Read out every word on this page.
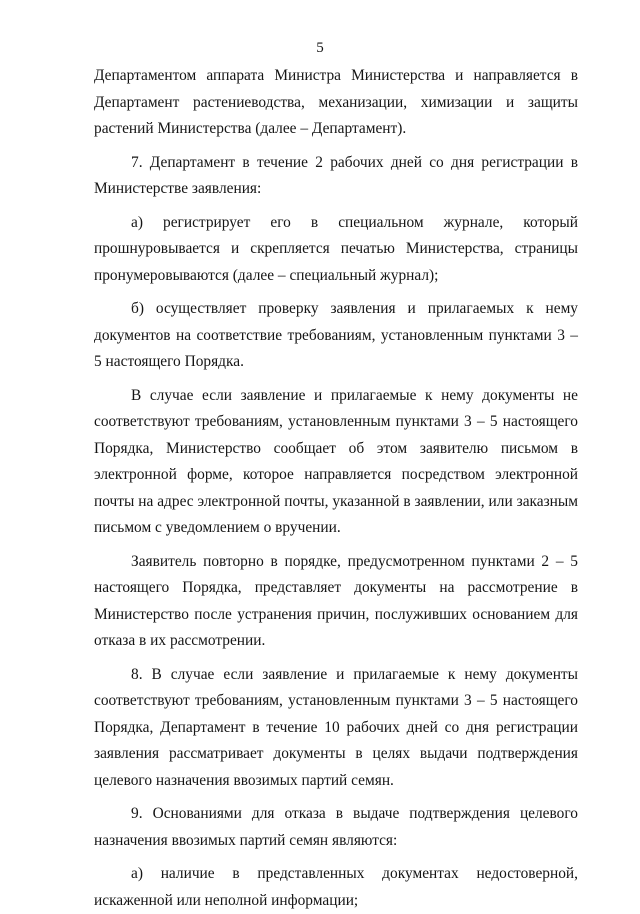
5

Департаментом аппарата Министра Министерства и направляется в Департамент растениеводства, механизации, химизации и защиты растений Министерства (далее – Департамент).

7. Департамент в течение 2 рабочих дней со дня регистрации в Министерстве заявления:

а) регистрирует его в специальном журнале, который прошнуровывается и скрепляется печатью Министерства, страницы пронумеровываются (далее – специальный журнал);

б) осуществляет проверку заявления и прилагаемых к нему документов на соответствие требованиям, установленным пунктами 3 – 5 настоящего Порядка.

В случае если заявление и прилагаемые к нему документы не соответствуют требованиям, установленным пунктами 3 – 5 настоящего Порядка, Министерство сообщает об этом заявителю письмом в электронной форме, которое направляется посредством электронной почты на адрес электронной почты, указанной в заявлении, или заказным письмом с уведомлением о вручении.

Заявитель повторно в порядке, предусмотренном пунктами 2 – 5 настоящего Порядка, представляет документы на рассмотрение в Министерство после устранения причин, послуживших основанием для отказа в их рассмотрении.

8. В случае если заявление и прилагаемые к нему документы соответствуют требованиям, установленным пунктами 3 – 5 настоящего Порядка, Департамент в течение 10 рабочих дней со дня регистрации заявления рассматривает документы в целях выдачи подтверждения целевого назначения ввозимых партий семян.

9. Основаниями для отказа в выдаче подтверждения целевого назначения ввозимых партий семян являются:

а) наличие в представленных документах недостоверной, искаженной или неполной информации;
